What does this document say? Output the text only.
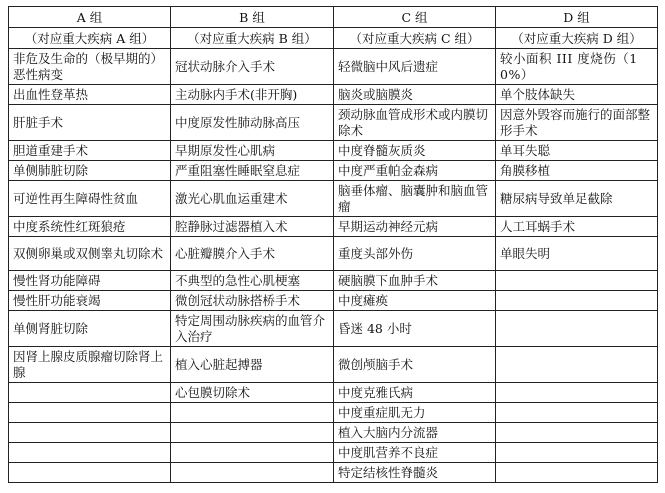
A 组	B 组	C 组	D 组
（对应重大疾病 A 组）	（对应重大疾病 B 组）	（对应重大疾病 C 组）	（对应重大疾病 D 组）
非危及生命的（极早期的）恶性病变	冠状动脉介入手术	轻微脑中风后遗症	较小面积 III 度烧伤（10%）
出血性登革热	主动脉内手术(非开胸)	脑炎或脑膜炎	单个肢体缺失
肝脏手术	中度原发性肺动脉高压	颈动脉血管成形术或内膜切除术	因意外毁容而施行的面部整形手术
胆道重建手术	早期原发性心肌病	中度脊髓灰质炎	单耳失聪
单侧肺脏切除	严重阻塞性睡眠窒息症	中度严重帕金森病	角膜移植
可逆性再生障碍性贫血	激光心肌血运重建术	脑垂体瘤、脑囊肿和脑血管瘤	糖尿病导致单足截除
中度系统性红斑狼疮	腔静脉过滤器植入术	早期运动神经元病	人工耳蜗手术
双侧卵巢或双侧睾丸切除术	心脏瓣膜介入手术	重度头部外伤	单眼失明
慢性肾功能障碍	不典型的急性心肌梗塞	硬脑膜下血肿手术	
慢性肝功能衰竭	微创冠状动脉搭桥手术	中度瘫痪	
单侧肾脏切除	特定周围动脉疾病的血管介入治疗	昏迷 48 小时	
因肾上腺皮质腺瘤切除肾上腺	植入心脏起搏器	微创颅脑手术	
	心包膜切除术	中度克雅氏病	
		中度重症肌无力	
		植入大脑内分流器	
		中度肌营养不良症	
		特定结核性脊髓炎	
